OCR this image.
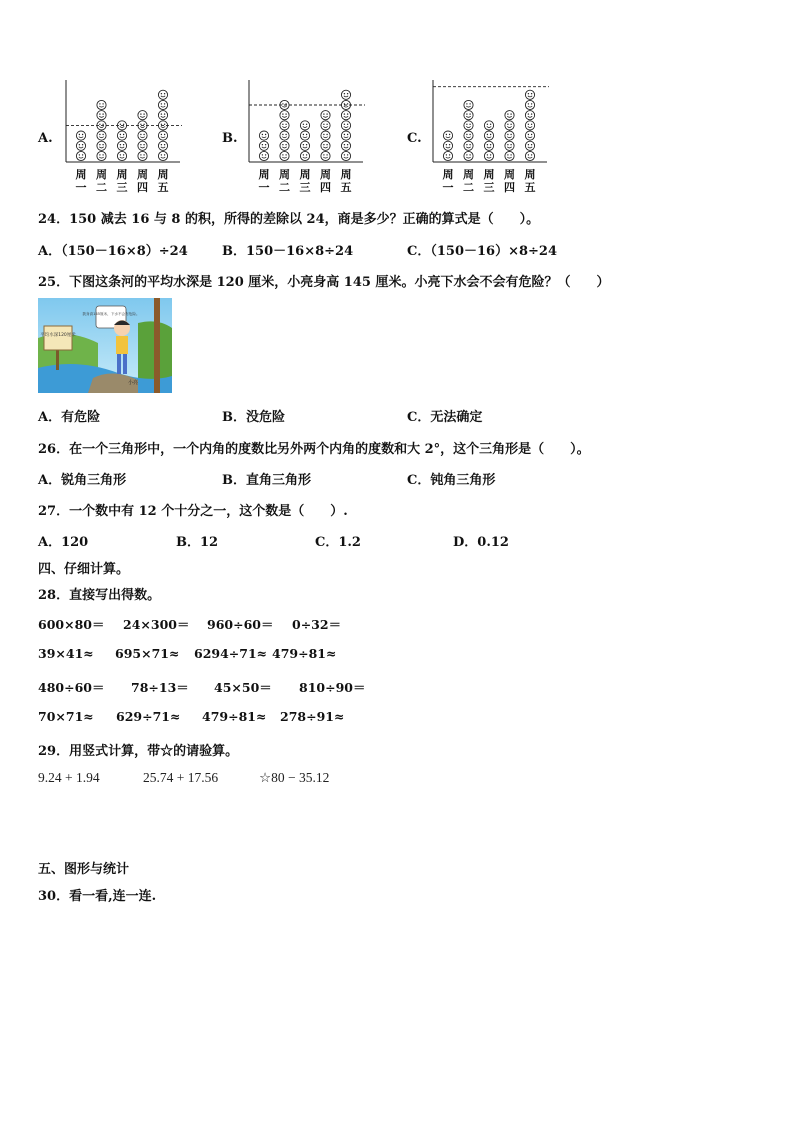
A.	B.	C.
24．150 减去 16 与 8 的积，所得的差除以 24，商是多少？正确的算式是（　　）。
A．（150－16×8）÷24	B．150－16×8÷24	C．（150－16）×8÷24
25．下图这条河的平均水深是 120 厘米，小亮身高 145 厘米。小亮下水会不会有危险？（　　）
平均水深120厘米
我身高145厘米，下水不会有危险。
小亮
A．有危险	B．没危险	C．无法确定
26．在一个三角形中，一个内角的度数比另外两个内角的度数和大 2°，这个三角形是（　　）。
A．锐角三角形	B．直角三角形	C．钝角三角形
27．一个数中有 12 个十分之一，这个数是（　　）.
A．120	B．12	C．1.2	D．0.12
四、仔细计算。
28．直接写出得数。
600×80＝ 24×300＝ 960÷60＝ 0÷32＝
39×41≈ 695×71≈ 6294÷71≈ 479÷81≈
480÷60＝ 78÷13＝ 45×50＝ 810÷90＝
70×71≈ 629÷71≈ 479÷81≈ 278÷91≈
29．用竖式计算，带☆的请验算。
9.24 + 1.94	25.74 + 17.56	☆80 − 35.12
五、图形与统计
30．看一看,连一连.
周
一
周
二
周
三
周
四
周
五
周
一
周
二
周
三
周
四
周
五
周
一
周
二
周
三
周
四
周
五
